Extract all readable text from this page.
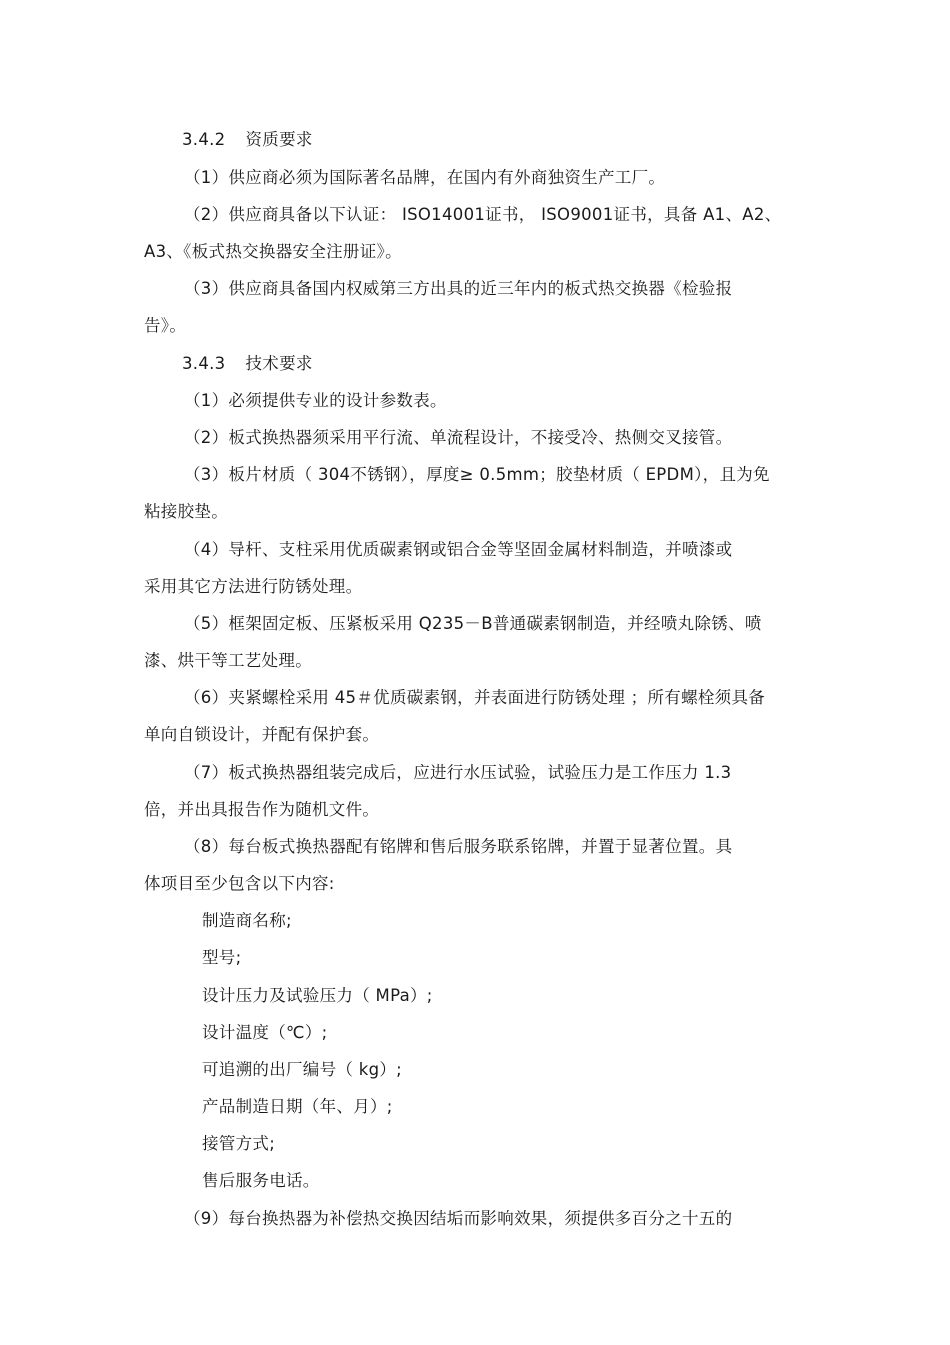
3.4.2 资质要求
（1）供应商必须为国际著名品牌，在国内有外商独资生产工厂。
（2）供应商具备以下认证： ISO14001证书， ISO9001证书，具备 A1、A2、
A3、《板式热交换器安全注册证》。
（3）供应商具备国内权威第三方出具的近三年内的板式热交换器《检验报
告》。
3.4.3 技术要求
（1）必须提供专业的设计参数表。
（2）板式换热器须采用平行流、单流程设计，不接受冷、热侧交叉接管。
（3）板片材质（ 304不锈钢），厚度≥ 0.5mm；胶垫材质（ EPDM），且为免
粘接胶垫。
（4）导杆、支柱采用优质碳素钢或铝合金等坚固金属材料制造，并喷漆或
采用其它方法进行防锈处理。
（5）框架固定板、压紧板采用 Q235－B普通碳素钢制造，并经喷丸除锈、喷
漆、烘干等工艺处理。
（6）夹紧螺栓采用 45＃优质碳素钢，并表面进行防锈处理 ；所有螺栓须具备
单向自锁设计，并配有保护套。
（7）板式换热器组装完成后，应进行水压试验，试验压力是工作压力 1.3
倍，并出具报告作为随机文件。
（8）每台板式换热器配有铭牌和售后服务联系铭牌，并置于显著位置。具
体项目至少包含以下内容:
制造商名称;
型号;
设计压力及试验压力（ MPa）;
设计温度（℃）;
可追溯的出厂编号（ kg）;
产品制造日期（年、月）;
接管方式;
售后服务电话。
（9）每台换热器为补偿热交换因结垢而影响效果，须提供多百分之十五的
